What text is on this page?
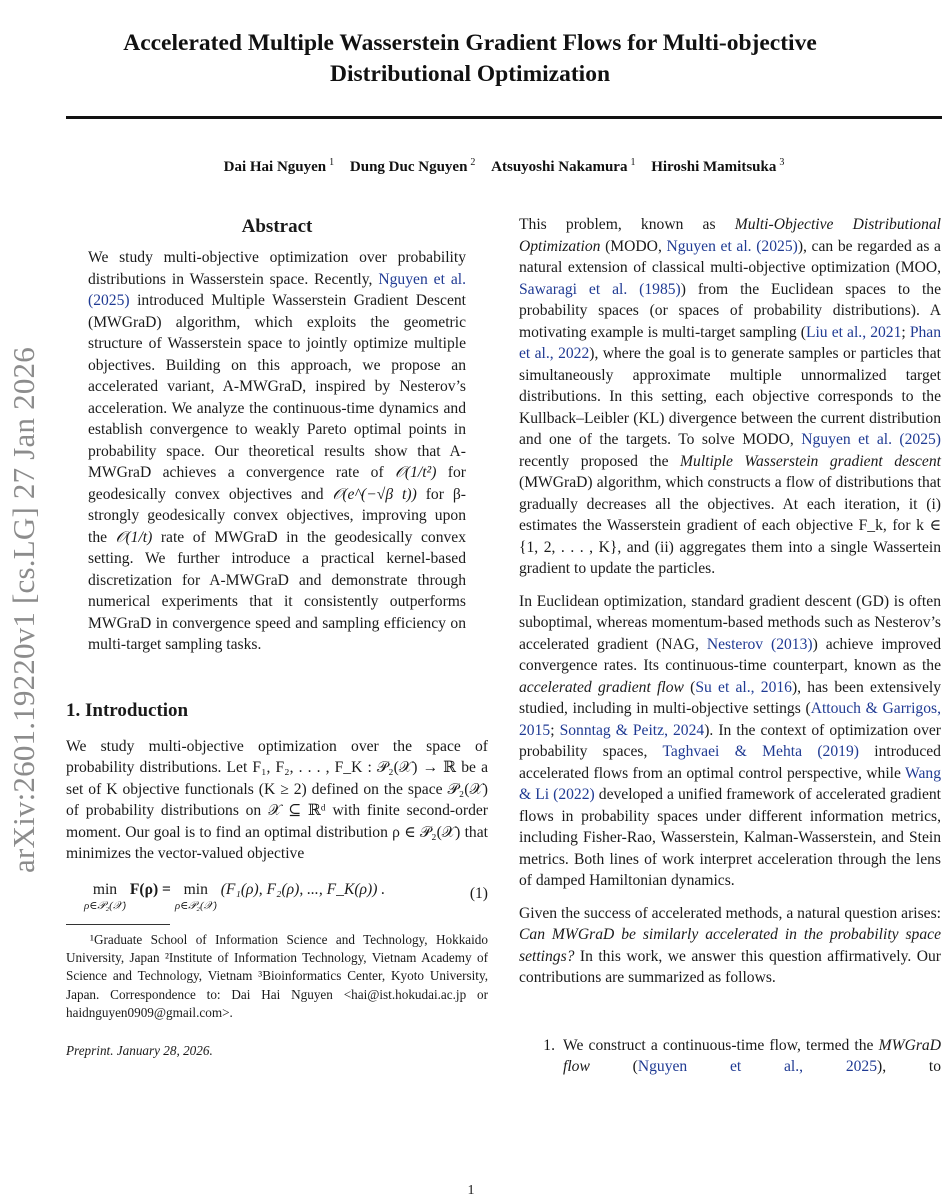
arXiv:2601.19220v1 [cs.LG] 27 Jan 2026
Accelerated Multiple Wasserstein Gradient Flows for Multi-objective Distributional Optimization
Dai Hai Nguyen $^1$ Dung Duc Nguyen $^2$ Atsuyoshi Nakamura $^1$ Hiroshi Mamitsuka $^3$
Abstract

We study multi-objective optimization over probability distributions in Wasserstein space. Recently, Nguyen et al. (2025) introduced Multiple Wasserstein Gradient Descent (MWGraD) algorithm, which exploits the geometric structure of Wasserstein space to jointly optimize multiple objectives. Building on this approach, we propose an accelerated variant, A-MWGraD, inspired by Nesterov’s acceleration. We analyze the continuous-time dynamics and establish convergence to weakly Pareto optimal points in probability space. Our theoretical results show that A-MWGraD achieves a convergence rate of 𝒪(1/t²) for geodesically convex objectives and 𝒪(e^(−√β t)) for β-strongly geodesically convex objectives, improving upon the 𝒪(1/t) rate of MWGraD in the geodesically convex setting. We further introduce a practical kernel-based discretization for A-MWGraD and demonstrate through numerical experiments that it consistently outperforms MWGraD in convergence speed and sampling efficiency on multi-target sampling tasks.

1. Introduction

We study multi-objective optimization over the space of probability distributions. Let F₁, F₂, . . . , F_K : 𝒫₂(𝒳) → ℝ be a set of K objective functionals (K ≥ 2) defined on the space 𝒫₂(𝒳) of probability distributions on 𝒳 ⊆ ℝᵈ with finite second-order moment. Our goal is to find an optimal distribution ρ ∈ 𝒫₂(𝒳) that minimizes the vector-valued objective

min
ρ∈𝒫₂(𝒳)
F(ρ) = min
ρ∈𝒫₂(𝒳)
(F₁(ρ), F₂(ρ), ..., F_K(ρ)) .	(1)

¹Graduate School of Information Science and Technology, Hokkaido University, Japan ²Institute of Information Technology, Vietnam Academy of Science and Technology, Vietnam ³Bioinformatics Center, Kyoto University, Japan. Correspondence to: Dai Hai Nguyen <hai@ist.hokudai.ac.jp or haidnguyen0909@gmail.com>.

Preprint. January 28, 2026.

This problem, known as Multi-Objective Distributional Optimization (MODO, Nguyen et al. (2025)), can be regarded as a natural extension of classical multi-objective optimization (MOO, Sawaragi et al. (1985)) from the Euclidean spaces to the probability spaces (or spaces of probability distributions). A motivating example is multi-target sampling (Liu et al., 2021; Phan et al., 2022), where the goal is to generate samples or particles that simultaneously approximate multiple unnormalized target distributions. In this setting, each objective corresponds to the Kullback–Leibler (KL) divergence between the current distribution and one of the targets. To solve MODO, Nguyen et al. (2025) recently proposed the Multiple Wasserstein gradient descent (MWGraD) algorithm, which constructs a flow of distributions that gradually decreases all the objectives. At each iteration, it (i) estimates the Wasserstein gradient of each objective F_k, for k ∈ {1, 2, . . . , K}, and (ii) aggregates them into a single Wassertein gradient to update the particles.

In Euclidean optimization, standard gradient descent (GD) is often suboptimal, whereas momentum-based methods such as Nesterov’s accelerated gradient (NAG, Nesterov (2013)) achieve improved convergence rates. Its continuous-time counterpart, known as the accelerated gradient flow (Su et al., 2016), has been extensively studied, including in multi-objective settings (Attouch & Garrigos, 2015; Sonntag & Peitz, 2024). In the context of optimization over probability spaces, Taghvaei & Mehta (2019) introduced accelerated flows from an optimal control perspective, while Wang & Li (2022) developed a unified framework of accelerated gradient flows in probability spaces under different information metrics, including Fisher-Rao, Wasserstein, Kalman-Wasserstein, and Stein metrics. Both lines of work interpret acceleration through the lens of damped Hamiltonian dynamics.

Given the success of accelerated methods, a natural question arises: Can MWGraD be similarly accelerated in the probability space settings? In this work, we answer this question affirmatively. Our contributions are summarized as follows.

1. We construct a continuous-time flow, termed the MWGraD flow (Nguyen et al., 2025), to
1
